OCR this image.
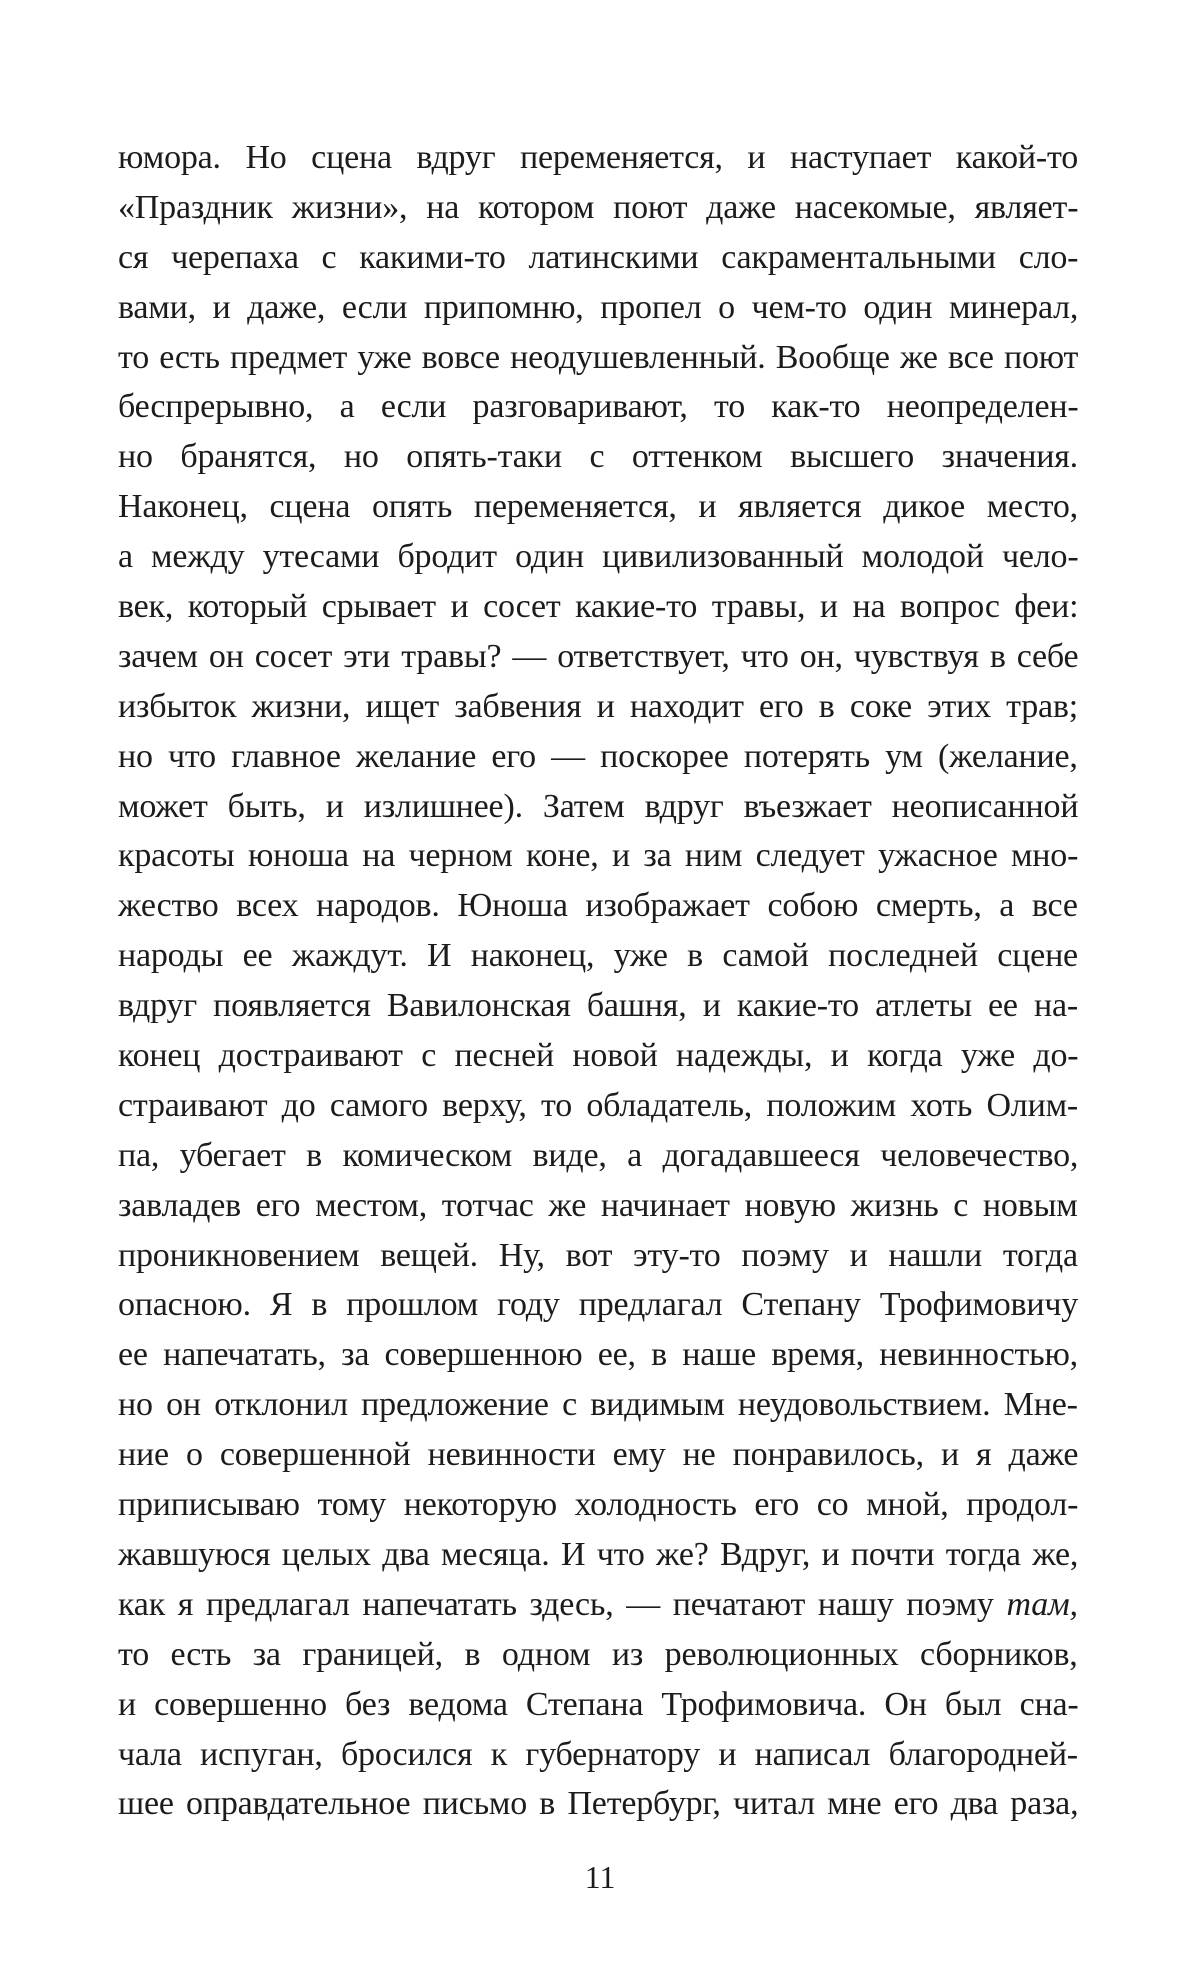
юмора. Но сцена вдруг переменяется, и наступает какой-то
«Праздник жизни», на котором поют даже насекомые, являет-
ся черепаха с какими-то латинскими сакраментальными сло-
вами, и даже, если припомню, пропел о чем-то один минерал,
то есть предмет уже вовсе неодушевленный. Вообще же все поют
беспрерывно, а если разговаривают, то как-то неопределен-
но бранятся, но опять-таки с оттенком высшего значения.
Наконец, сцена опять переменяется, и является дикое место,
а между утесами бродит один цивилизованный молодой чело-
век, который срывает и сосет какие-то травы, и на вопрос феи:
зачем он сосет эти травы? — ответствует, что он, чувствуя в себе
избыток жизни, ищет забвения и находит его в соке этих трав;
но что главное желание его — поскорее потерять ум (желание,
может быть, и излишнее). Затем вдруг въезжает неописанной
красоты юноша на черном коне, и за ним следует ужасное мно-
жество всех народов. Юноша изображает собою смерть, а все
народы ее жаждут. И наконец, уже в самой последней сцене
вдруг появляется Вавилонская башня, и какие-то атлеты ее на-
конец достраивают с песней новой надежды, и когда уже до-
страивают до самого верху, то обладатель, положим хоть Олим-
па, убегает в комическом виде, а догадавшееся человечество,
завладев его местом, тотчас же начинает новую жизнь с новым
проникновением вещей. Ну, вот эту-то поэму и нашли тогда
опасною. Я в прошлом году предлагал Степану Трофимовичу
ее напечатать, за совершенною ее, в наше время, невинностью,
но он отклонил предложение с видимым неудовольствием. Мне-
ние о совершенной невинности ему не понравилось, и я даже
приписываю тому некоторую холодность его со мной, продол-
жавшуюся целых два месяца. И что же? Вдруг, и почти тогда же,
как я предлагал напечатать здесь, — печатают нашу поэму там,
то есть за границей, в одном из революционных сборников,
и совершенно без ведома Степана Трофимовича. Он был сна-
чала испуган, бросился к губернатору и написал благородней-
шее оправдательное письмо в Петербург, читал мне его два раза,
11
